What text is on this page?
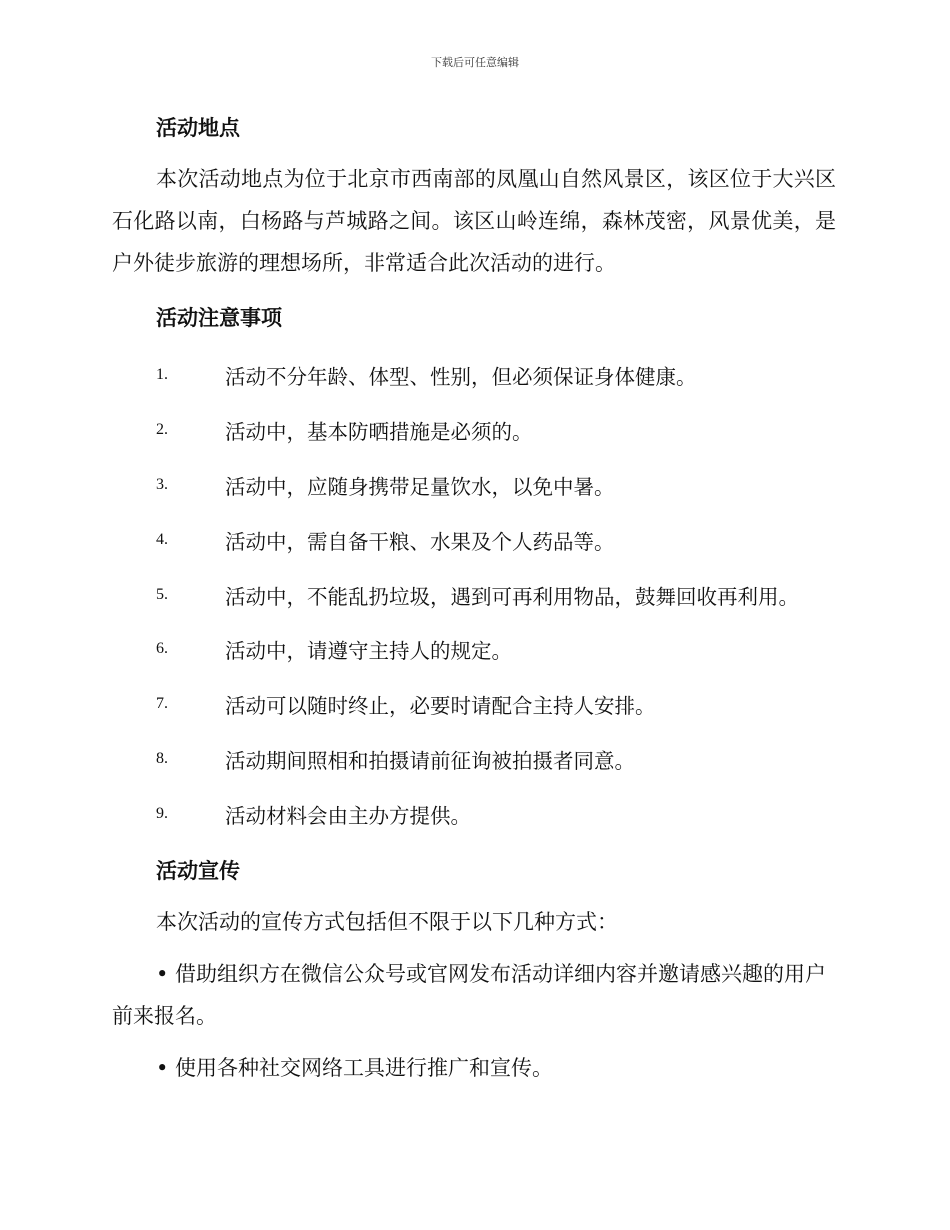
下载后可任意编辑
活动地点

本次活动地点为位于北京市西南部的凤凰山自然风景区，该区位于大兴区石化路以南，白杨路与芦城路之间。该区山岭连绵，森林茂密，风景优美，是户外徒步旅游的理想场所，非常适合此次活动的进行。

活动注意事项
1.	活动不分年龄、体型、性别，但必须保证身体健康。
2.	活动中，基本防晒措施是必须的。
3.	活动中，应随身携带足量饮水，以免中暑。
4.	活动中，需自备干粮、水果及个人药品等。
5.	活动中，不能乱扔垃圾，遇到可再利用物品，鼓舞回收再利用。
6.	活动中，请遵守主持人的规定。
7.	活动可以随时终止，必要时请配合主持人安排。
8.	活动期间照相和拍摄请前征询被拍摄者同意。
9.	活动材料会由主办方提供。
活动宣传

本次活动的宣传方式包括但不限于以下几种方式：

• 借助组织方在微信公众号或官网发布活动详细内容并邀请感兴趣的用户前来报名。

• 使用各种社交网络工具进行推广和宣传。
